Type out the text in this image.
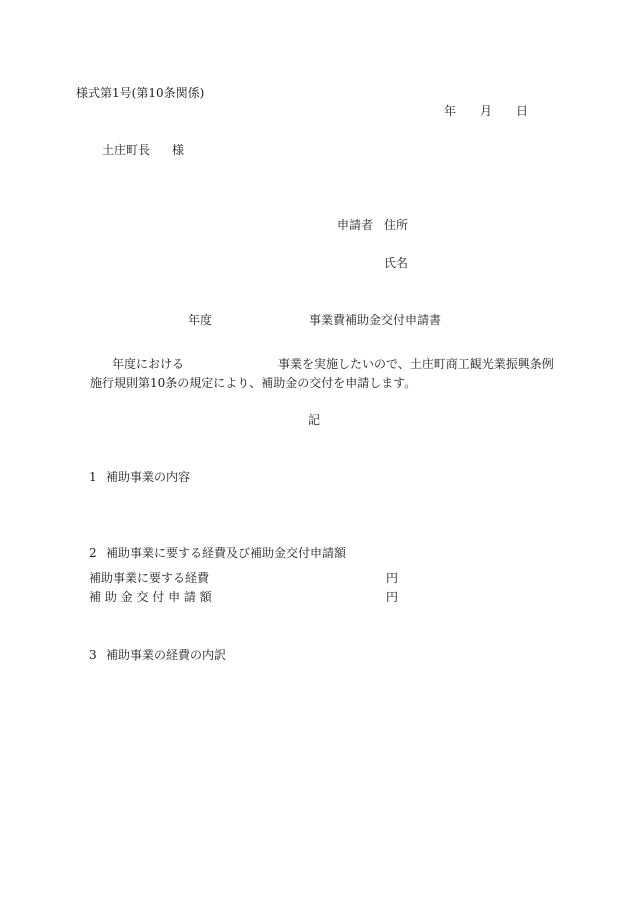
様式第1号(第10条関係)
年 月 日
土庄町長 様
申請者 住所
氏名
年度	事業費補助金交付申請書
年度における	事業を実施したいので、土庄町商工観光業振興条例
施行規則第10条の規定により、補助金の交付を申請します。
記
1 補助事業の内容
2 補助事業に要する経費及び補助金交付申請額
補助事業に要する経費	円
補 助 金 交 付 申 請 額	円
3 補助事業の経費の内訳
